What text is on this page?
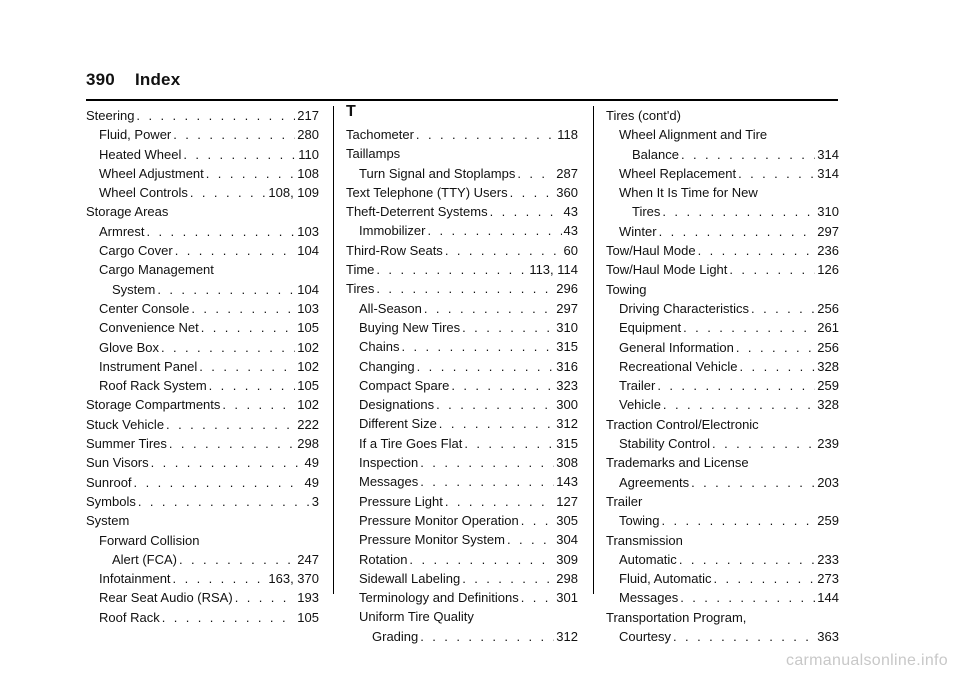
390 Index
Steering . . .	217
Fluid, Power . . .	280
Heated Wheel . . .	110
Wheel Adjustment . . .	108
Wheel Controls . . .	108, 109
Storage Areas
Armrest . . .	103
Cargo Cover . . .	104
Cargo Management
System . . .	104
Center Console . . .	103
Convenience Net . . .	105
Glove Box . . .	102
Instrument Panel . . .	102
Roof Rack System . . .	105
Storage Compartments . . .	102
Stuck Vehicle . . .	222
Summer Tires . . .	298
Sun Visors . . .	49
Sunroof . . .	49
Symbols . . .	3
System
Forward Collision
Alert (FCA) . . .	247
Infotainment . . .	163, 370
Rear Seat Audio (RSA) . . .	193
Roof Rack . . .	105
T
Tachometer . . .	118
Taillamps
Turn Signal and Stoplamps . . .	287
Text Telephone (TTY) Users . . .	360
Theft-Deterrent Systems . . .	43
Immobilizer . . .	43
Third-Row Seats . . .	60
Time . . .	113, 114
Tires . . .	296
All-Season . . .	297
Buying New Tires . . .	310
Chains . . .	315
Changing . . .	316
Compact Spare . . .	323
Designations . . .	300
Different Size . . .	312
If a Tire Goes Flat . . .	315
Inspection . . .	308
Messages . . .	143
Pressure Light . . .	127
Pressure Monitor Operation . . .	305
Pressure Monitor System . . .	304
Rotation . . .	309
Sidewall Labeling . . .	298
Terminology and Definitions . . .	301
Uniform Tire Quality
Grading . . .	312
Tires (cont'd)
Wheel Alignment and Tire
Balance . . .	314
Wheel Replacement . . .	314
When It Is Time for New
Tires . . .	310
Winter . . .	297
Tow/Haul Mode . . .	236
Tow/Haul Mode Light . . .	126
Towing
Driving Characteristics . . .	256
Equipment . . .	261
General Information . . .	256
Recreational Vehicle . . .	328
Trailer . . .	259
Vehicle . . .	328
Traction Control/Electronic
Stability Control . . .	239
Trademarks and License
Agreements . . .	203
Trailer
Towing . . .	259
Transmission
Automatic . . .	233
Fluid, Automatic . . .	273
Messages . . .	144
Transportation Program,
Courtesy . . .	363
carmanualsonline.info
